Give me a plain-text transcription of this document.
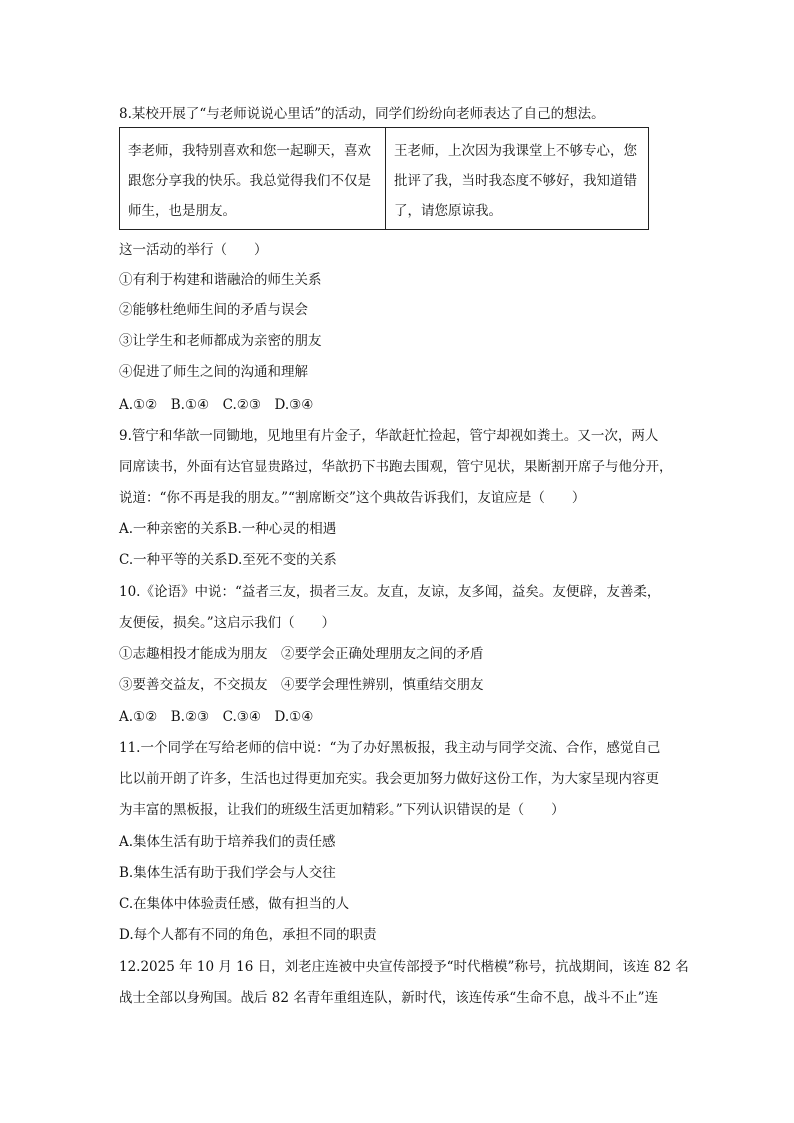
8.某校开展了“与老师说说心里话”的活动，同学们纷纷向老师表达了自己的想法。
李老师，我特别喜欢和您一起聊天，喜欢
跟您分享我的快乐。我总觉得我们不仅是
师生，也是朋友。
王老师，上次因为我课堂上不够专心，您
批评了我，当时我态度不够好，我知道错
了，请您原谅我。
这一活动的举行（　　）
①有利于构建和谐融洽的师生关系
②能够杜绝师生间的矛盾与误会
③让学生和老师都成为亲密的朋友
④促进了师生之间的沟通和理解
A.①②　B.①④　C.②③　D.③④
9.管宁和华歆一同锄地，见地里有片金子，华歆赶忙捡起，管宁却视如粪土。又一次，两人
同席读书，外面有达官显贵路过，华歆扔下书跑去围观，管宁见状，果断割开席子与他分开，
说道：“你不再是我的朋友。”“割席断交”这个典故告诉我们，友谊应是（　　）
A.一种亲密的关系B.一种心灵的相遇
C.一种平等的关系D.至死不变的关系
10.《论语》中说：“益者三友，损者三友。友直，友谅，友多闻，益矣。友便辟，友善柔，
友便佞，损矣。”这启示我们（　　）
①志趣相投才能成为朋友　②要学会正确处理朋友之间的矛盾
③要善交益友，不交损友　④要学会理性辨别，慎重结交朋友
A.①②　B.②③　C.③④　D.①④
11.一个同学在写给老师的信中说：“为了办好黑板报，我主动与同学交流、合作，感觉自己
比以前开朗了许多，生活也过得更加充实。我会更加努力做好这份工作，为大家呈现内容更
为丰富的黑板报，让我们的班级生活更加精彩。”下列认识错误的是（　　）
A.集体生活有助于培养我们的责任感
B.集体生活有助于我们学会与人交往
C.在集体中体验责任感，做有担当的人
D.每个人都有不同的角色，承担不同的职责
12.2025 年 10 月 16 日，刘老庄连被中央宣传部授予“时代楷模”称号，抗战期间，该连 82 名
战士全部以身殉国。战后 82 名青年重组连队，新时代，该连传承“生命不息，战斗不止”连
